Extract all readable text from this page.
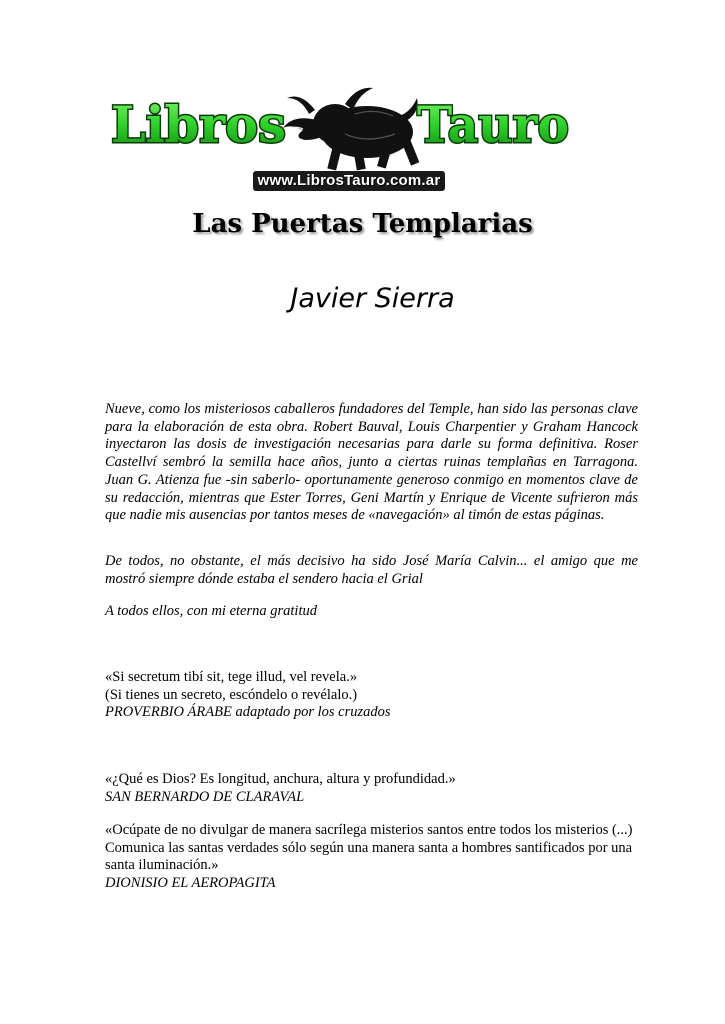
Libros	Tauro
www.LibrosTauro.com.ar
Las Puertas Templarias
Javier Sierra
Nueve, como los misteriosos caballeros fundadores del Temple, han sido las personas clave para la elaboración de esta obra. Robert Bauval, Louis Charpentier y Graham Hancock inyectaron las dosis de investigación necesarias para darle su forma definitiva. Roser Castellví sembró la semilla hace años, junto a ciertas ruinas templañas en Tarragona. Juan G. Atienza fue -sin saberlo- oportunamente generoso conmigo en momentos clave de su redacción, mientras que Ester Torres, Geni Martín y Enrique de Vicente sufrieron más que nadie mis ausencias por tantos meses de «navegación» al timón de estas páginas.
De todos, no obstante, el más decisivo ha sido José María Calvin... el amigo que me mostró siempre dónde estaba el sendero hacia el Grial
A todos ellos, con mi eterna gratitud
«Si secretum tibí sit, tege illud, vel revela.»
(Si tienes un secreto, escóndelo o revélalo.)
PROVERBIO ÁRABE adaptado por los cruzados
«¿Qué es Dios? Es longitud, anchura, altura y profundidad.»
SAN BERNARDO DE CLARAVAL
«Ocúpate de no divulgar de manera sacrílega misterios santos entre todos los misterios (...) Comunica las santas verdades sólo según una manera santa a hombres santificados por una santa iluminación.»
DIONISIO EL AEROPAGITA
